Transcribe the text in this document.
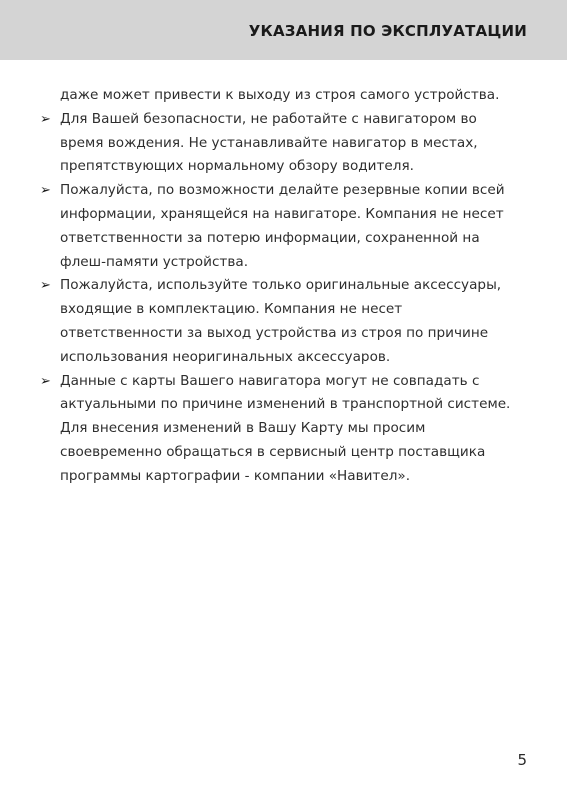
УКАЗАНИЯ ПО ЭКСПЛУАТАЦИИ
даже может привести к выходу из строя самого устройства.
➢ Для Вашей безопасности, не работайте с навигатором во
время вождения. Не устанавливайте навигатор в местах,
препятствующих нормальному обзору водителя.
➢ Пожалуйста, по возможности делайте резервные копии всей
информации, хранящейся на навигаторе. Компания не несет
ответственности за потерю информации, сохраненной на
флеш-памяти устройства.
➢ Пожалуйста, используйте только оригинальные аксессуары,
входящие в комплектацию. Компания не несет
ответственности за выход устройства из строя по причине
использования неоригинальных аксессуаров.
➢ Данные с карты Вашего навигатора могут не совпадать с
актуальными по причине изменений в транспортной системе.
Для внесения изменений в Вашу Карту мы просим
своевременно обращаться в сервисный центр поставщика
программы картографии - компании «Навител».
5
